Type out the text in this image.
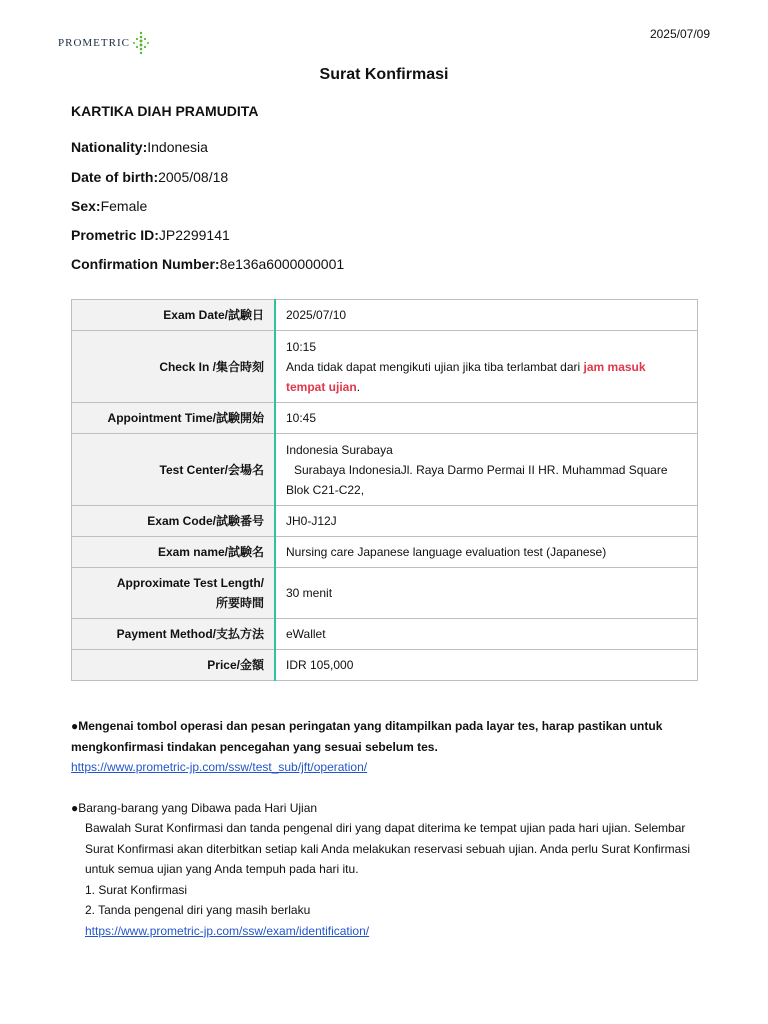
PROMETRIC
2025/07/09
Surat Konfirmasi
KARTIKA DIAH PRAMUDITA
Nationality:Indonesia
Date of birth:2005/08/18
Sex:Female
Prometric ID:JP2299141
Confirmation Number:8e136a6000000001
Exam Date/試験日	2025/07/10
Check In /集合時刻	10:15
Anda tidak dapat mengikuti ujian jika tiba terlambat dari jam masuk tempat ujian.

Appointment Time/試験開始	10:45
Test Center/会場名	Indonesia Surabaya
Surabaya IndonesiaJl. Raya Darmo Permai II HR. Muhammad Square Blok C21-C22,

Exam Code/試験番号	JH0-J12J
Exam name/試験名	Nursing care Japanese language evaluation test (Japanese)

Approximate Test Length/
所要時間	30 menit
Payment Method/支払方法	eWallet
Price/金額	IDR 105,000

●Mengenai tombol operasi dan pesan peringatan yang ditampilkan pada layar tes, harap pastikan untuk mengkonfirmasi tindakan pencegahan yang sesuai sebelum tes.

https://www.prometric-jp.com/ssw/test_sub/jft/operation/

●Barang-barang yang Dibawa pada Hari Ujian

Bawalah Surat Konfirmasi dan tanda pengenal diri yang dapat diterima ke tempat ujian pada hari ujian. Selembar Surat Konfirmasi akan diterbitkan setiap kali Anda melakukan reservasi sebuah ujian. Anda perlu Surat Konfirmasi untuk semua ujian yang Anda tempuh pada hari itu.

1. Surat Konfirmasi

2. Tanda pengenal diri yang masih berlaku

https://www.prometric-jp.com/ssw/exam/identification/
